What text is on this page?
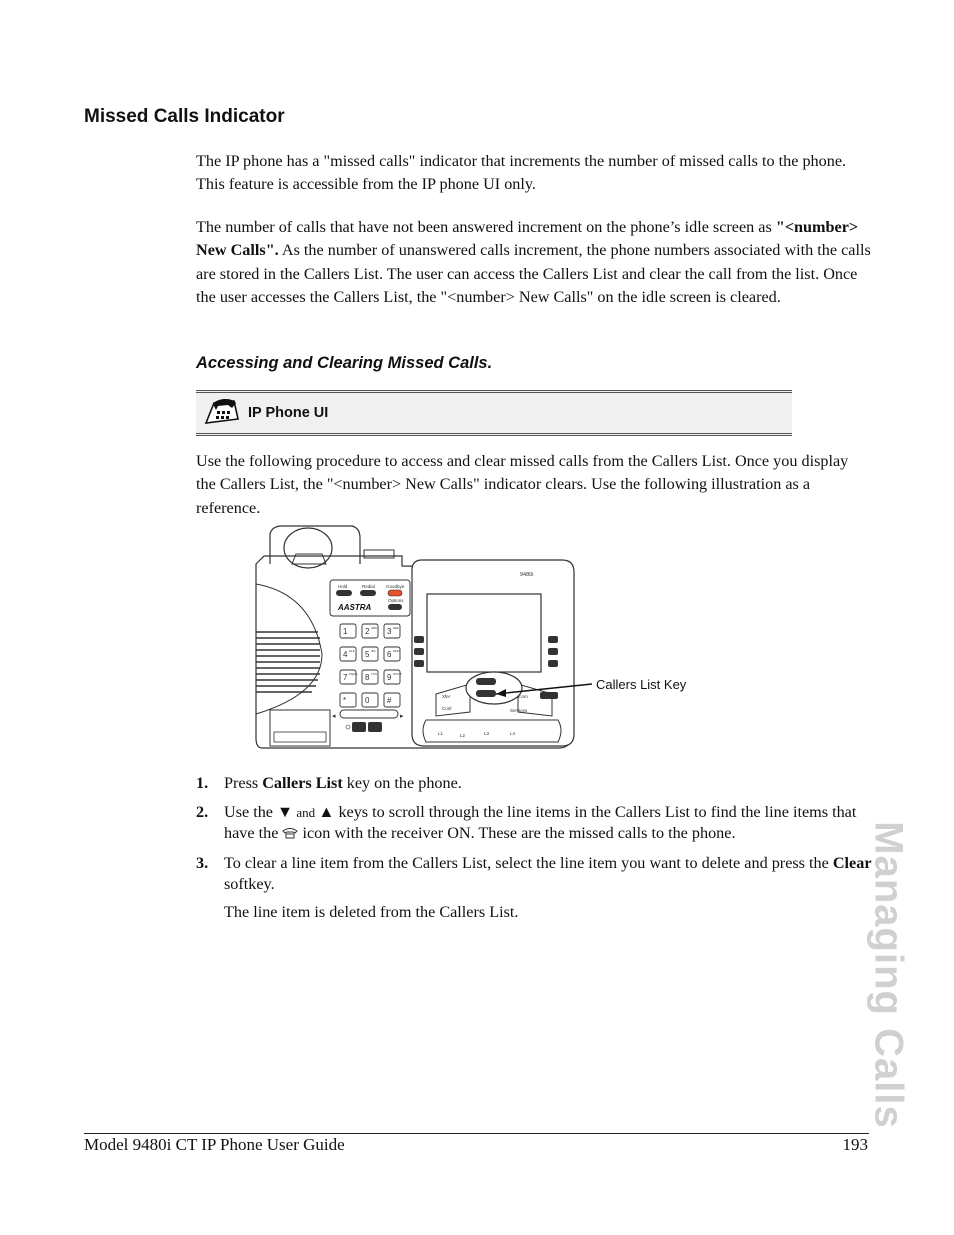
Missed Calls Indicator

The IP phone has a "missed calls" indicator that increments the number of missed calls to the phone. This feature is accessible from the IP phone UI only.

The number of calls that have not been answered increment on the phone’s idle screen as "<number> New Calls". As the number of unanswered calls increment, the phone numbers associated with the calls are stored in the Callers List. The user can access the Callers List and clear the call from the list. Once the user accesses the Callers List, the "<number> New Calls" on the idle screen is cleared.

Accessing and Clearing Missed Calls.
IP Phone UI

Use the following procedure to access and clear missed calls from the Callers List. Once you display the Callers List, the "<number> New Calls" indicator clears. Use the following illustration as a reference.

Hold	Redial Goodbye
Options
AASTRA
1 2 ABC 3 DEF
4 GHI 5 JKL 6 MNO
7 PQRS 8 TUV 9 WXYZ
* 0 #
◂	▸
9480i
Xfer
Conf
Icom
Services
L1	L2	L3	L4
Callers List Key
1. Press Callers List key on the phone.
2. Use the ▼ and ▲ keys to scroll through the line items in the Callers List to find the line items that have the  icon with the receiver ON. These are the missed calls to the phone.
3. To clear a line item from the Callers List, select the line item you want to delete and press the Clear softkey.
The line item is deleted from the Callers List.	Managing Calls
Model 9480i CT IP Phone User Guide	193
